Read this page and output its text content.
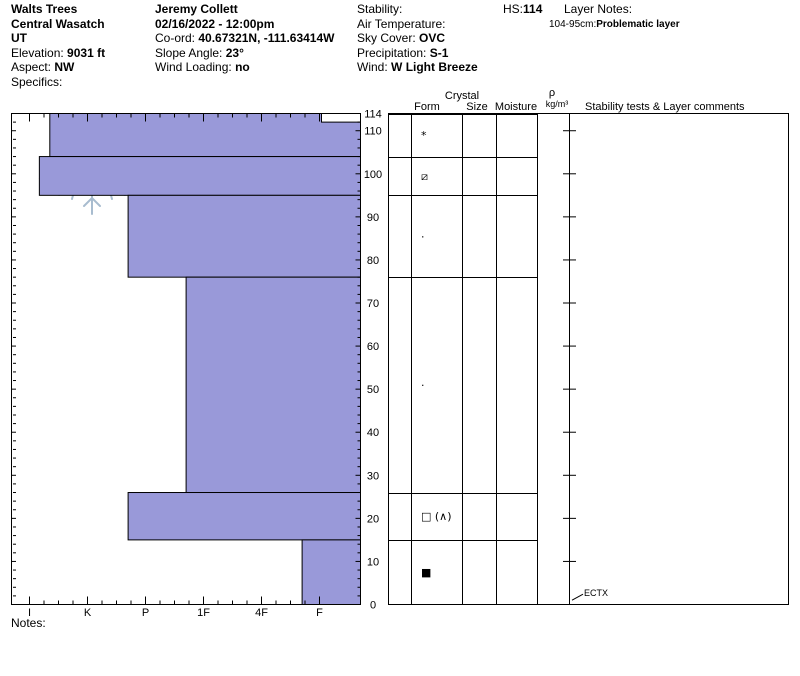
Walts Trees
Central Wasatch
UT
Elevation: 9031 ft
Aspect: NW
Specifics:
Jeremy Collett
02/16/2022 - 12:00pm
Co-ord: 40.67321N, -111.63414W
Slope Angle: 23°
Wind Loading: no
Stability:
Air Temperature:
Sky Cover: OVC
Precipitation: S-1
Wind: W Light Breeze
HS:114 Layer Notes:
104-95cm:Problematic layer
I	K	P	1F	4F	F
0
10
20
30
40
50
60
70
80
90
100
110
114
*
⧄
·
·
□ (∧)
■
ECTX
Form
Crystal
Size Moisture
ρ
kg/m³ Stability tests & Layer comments
Notes:
